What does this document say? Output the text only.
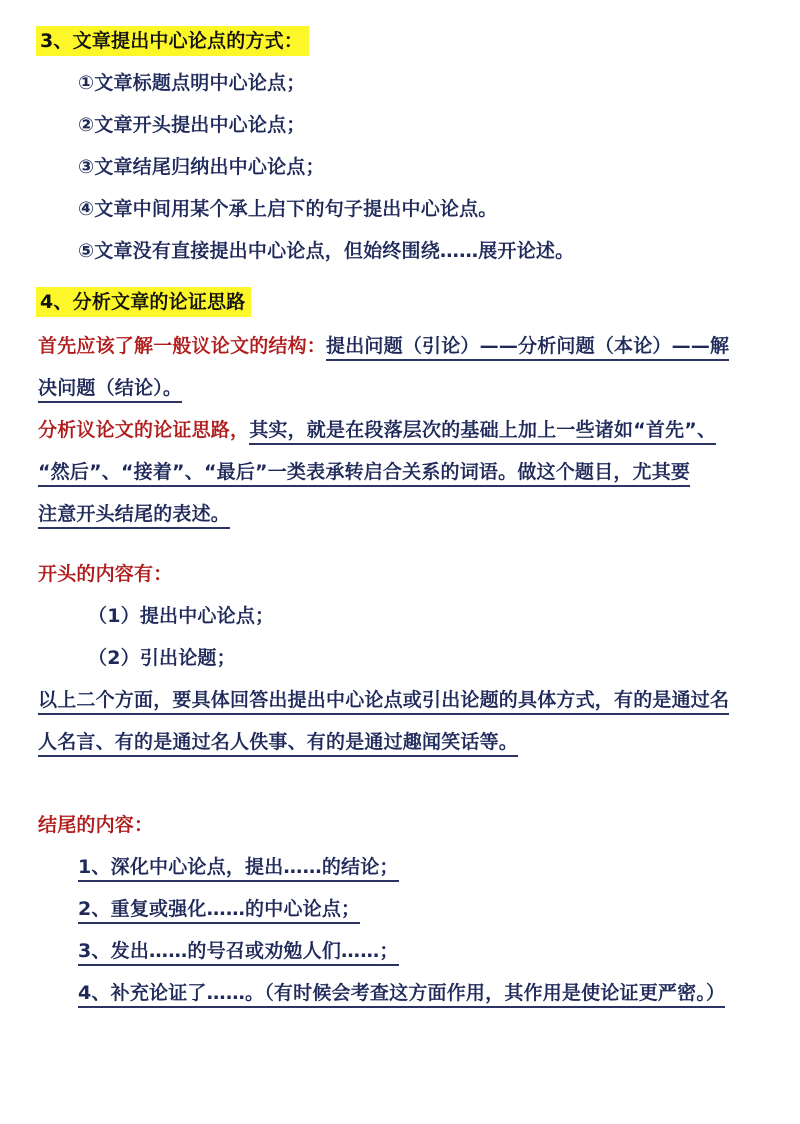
3、文章提出中心论点的方式：
①文章标题点明中心论点；
②文章开头提出中心论点；
③文章结尾归纳出中心论点；
④文章中间用某个承上启下的句子提出中心论点。
⑤文章没有直接提出中心论点，但始终围绕……展开论述。
4、分析文章的论证思路
首先应该了解一般议论文的结构：提出问题（引论）——分析问题（本论）——解
决问题（结论）。
分析议论文的论证思路，其实，就是在段落层次的基础上加上一些诸如“首先”、
“然后”、“接着”、“最后”一类表承转启合关系的词语。做这个题目，尤其要
注意开头结尾的表述。
开头的内容有：
（1）提出中心论点；
（2）引出论题；
以上二个方面，要具体回答出提出中心论点或引出论题的具体方式，有的是通过名
人名言、有的是通过名人佚事、有的是通过趣闻笑话等。
结尾的内容：
1、深化中心论点，提出……的结论；
2、重复或强化……的中心论点；
3、发出……的号召或劝勉人们……；
4、补充论证了……。（有时候会考查这方面作用，其作用是使论证更严密。）
